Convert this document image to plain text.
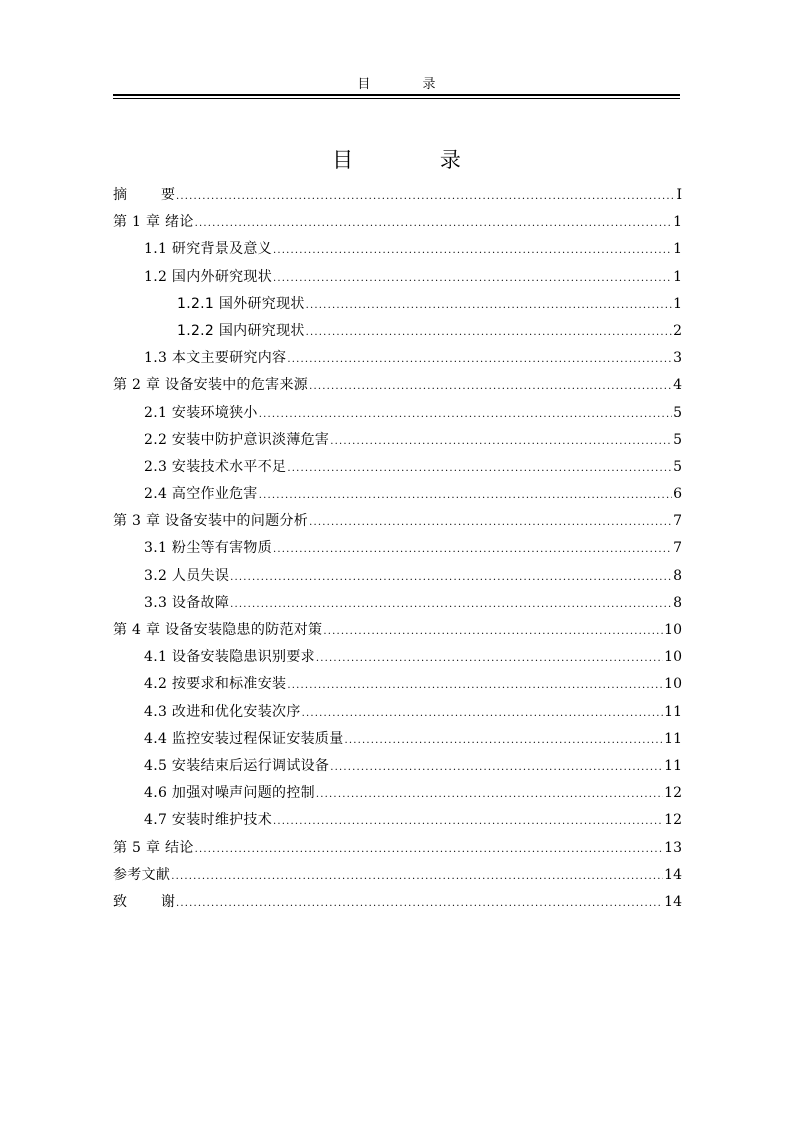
目 录
目 录
摘 要 .....	I
第 1 章 绪论 .....	1
1.1 研究背景及意义 .....	1
1.2 国内外研究现状 .....	1
1.2.1 国外研究现状 .....	1
1.2.2 国内研究现状 .....	2
1.3 本文主要研究内容 .....	3
第 2 章 设备安装中的危害来源 .....	4
2.1 安装环境狭小 .....	5
2.2 安装中防护意识淡薄危害 .....	5
2.3 安装技术水平不足 .....	5
2.4 高空作业危害 .....	6
第 3 章 设备安装中的问题分析 .....	7
3.1 粉尘等有害物质 .....	7
3.2 人员失误 .....	8
3.3 设备故障 .....	8
第 4 章 设备安装隐患的防范对策 .....	10
4.1 设备安装隐患识别要求 .....	10
4.2 按要求和标准安装 .....	10
4.3 改进和优化安装次序 .....	11
4.4 监控安装过程保证安装质量 .....	11
4.5 安装结束后运行调试设备 .....	11
4.6 加强对噪声问题的控制 .....	12
4.7 安装时维护技术 .....	12
第 5 章 结论 .....	13
参考文献 .....	14
致 谢 .....	14
